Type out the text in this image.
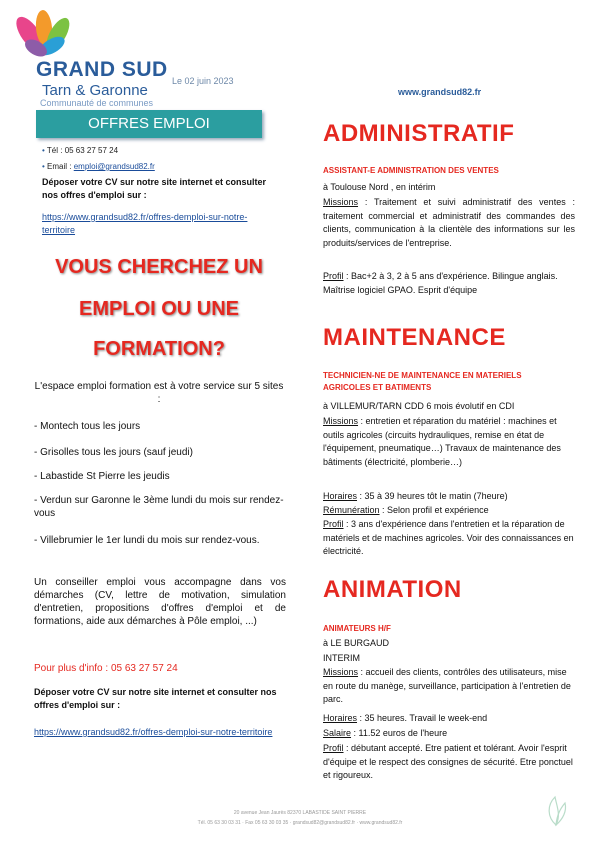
GRAND SUD
Tarn & Garonne
Communauté de communes
Le 02 juin 2023
www.grandsud82.fr
OFFRES EMPLOI
• Tél : 05 63 27 57 24
• Email : emploi@grandsud82.fr
Déposer votre CV sur notre site internet et consulter nos offres d'emploi sur :
https://www.grandsud82.fr/offres-demploi-sur-notre-territoire
VOUS CHERCHEZ UN
EMPLOI OU UNE
FORMATION?
L'espace emploi formation est à votre service sur 5 sites :
- Montech tous les jours
- Grisolles tous les jours (sauf jeudi)
- Labastide St Pierre les jeudis
- Verdun sur Garonne le 3ème lundi du mois sur rendez-vous
- Villebrumier le 1er lundi du mois sur rendez-vous.
Un conseiller emploi vous accompagne dans vos démarches (CV, lettre de motivation, simulation d'entretien, propositions d'offres d'emploi et de formations, aide aux démarches à Pôle emploi, ...)
Pour plus d'info : 05 63 27 57 24
Déposer votre CV sur notre site internet et consulter nos offres d'emploi sur :
https://www.grandsud82.fr/offres-demploi-sur-notre-territoire
ADMINISTRATIF
ASSISTANT-E ADMINISTRATION DES VENTES
à Toulouse Nord , en intérim
Missions : Traitement et suivi administratif des ventes : traitement commercial et administratif des commandes des clients, communication à la clientèle des informations sur les produits/services de l'entreprise.
Profil : Bac+2 à 3, 2 à 5 ans d'expérience. Bilingue anglais. Maîtrise logiciel GPAO. Esprit d'équipe
MAINTENANCE
TECHNICIEN-NE DE MAINTENANCE EN MATERIELS AGRICOLES ET BATIMENTS
à VILLEMUR/TARN CDD 6 mois évolutif en CDI
Missions : entretien et réparation du matériel : machines et outils agricoles (circuits hydrauliques, remise en état de l'équipement, pneumatique…) Travaux de maintenance des bâtiments (électricité, plomberie…)
Horaires : 35 à 39 heures tôt le matin (7heure)
Rémunération : Selon profil et expérience
Profil : 3 ans d'expérience dans l'entretien et la réparation de matériels et de machines agricoles. Voir des connaissances en électricité.
ANIMATION
ANIMATEURS H/F
à LE BURGAUD
INTERIM
Missions : accueil des clients, contrôles des utilisateurs, mise en route du manège, surveillance, participation à l'entretien de parc.
Horaires : 35 heures. Travail le week-end
Salaire : 11.52 euros de l'heure
Profil : débutant accepté. Etre patient et tolérant. Avoir l'esprit d'équipe et le respect des consignes de sécurité. Etre ponctuel et rigoureux.
20 avenue Jean Jaurès 82370 LABASTIDE SAINT PIERRE
Tél. 05 63 30 03 31 · Fax 05 63 30 03 35 · grandsud82@grandsud82.fr · www.grandsud82.fr
